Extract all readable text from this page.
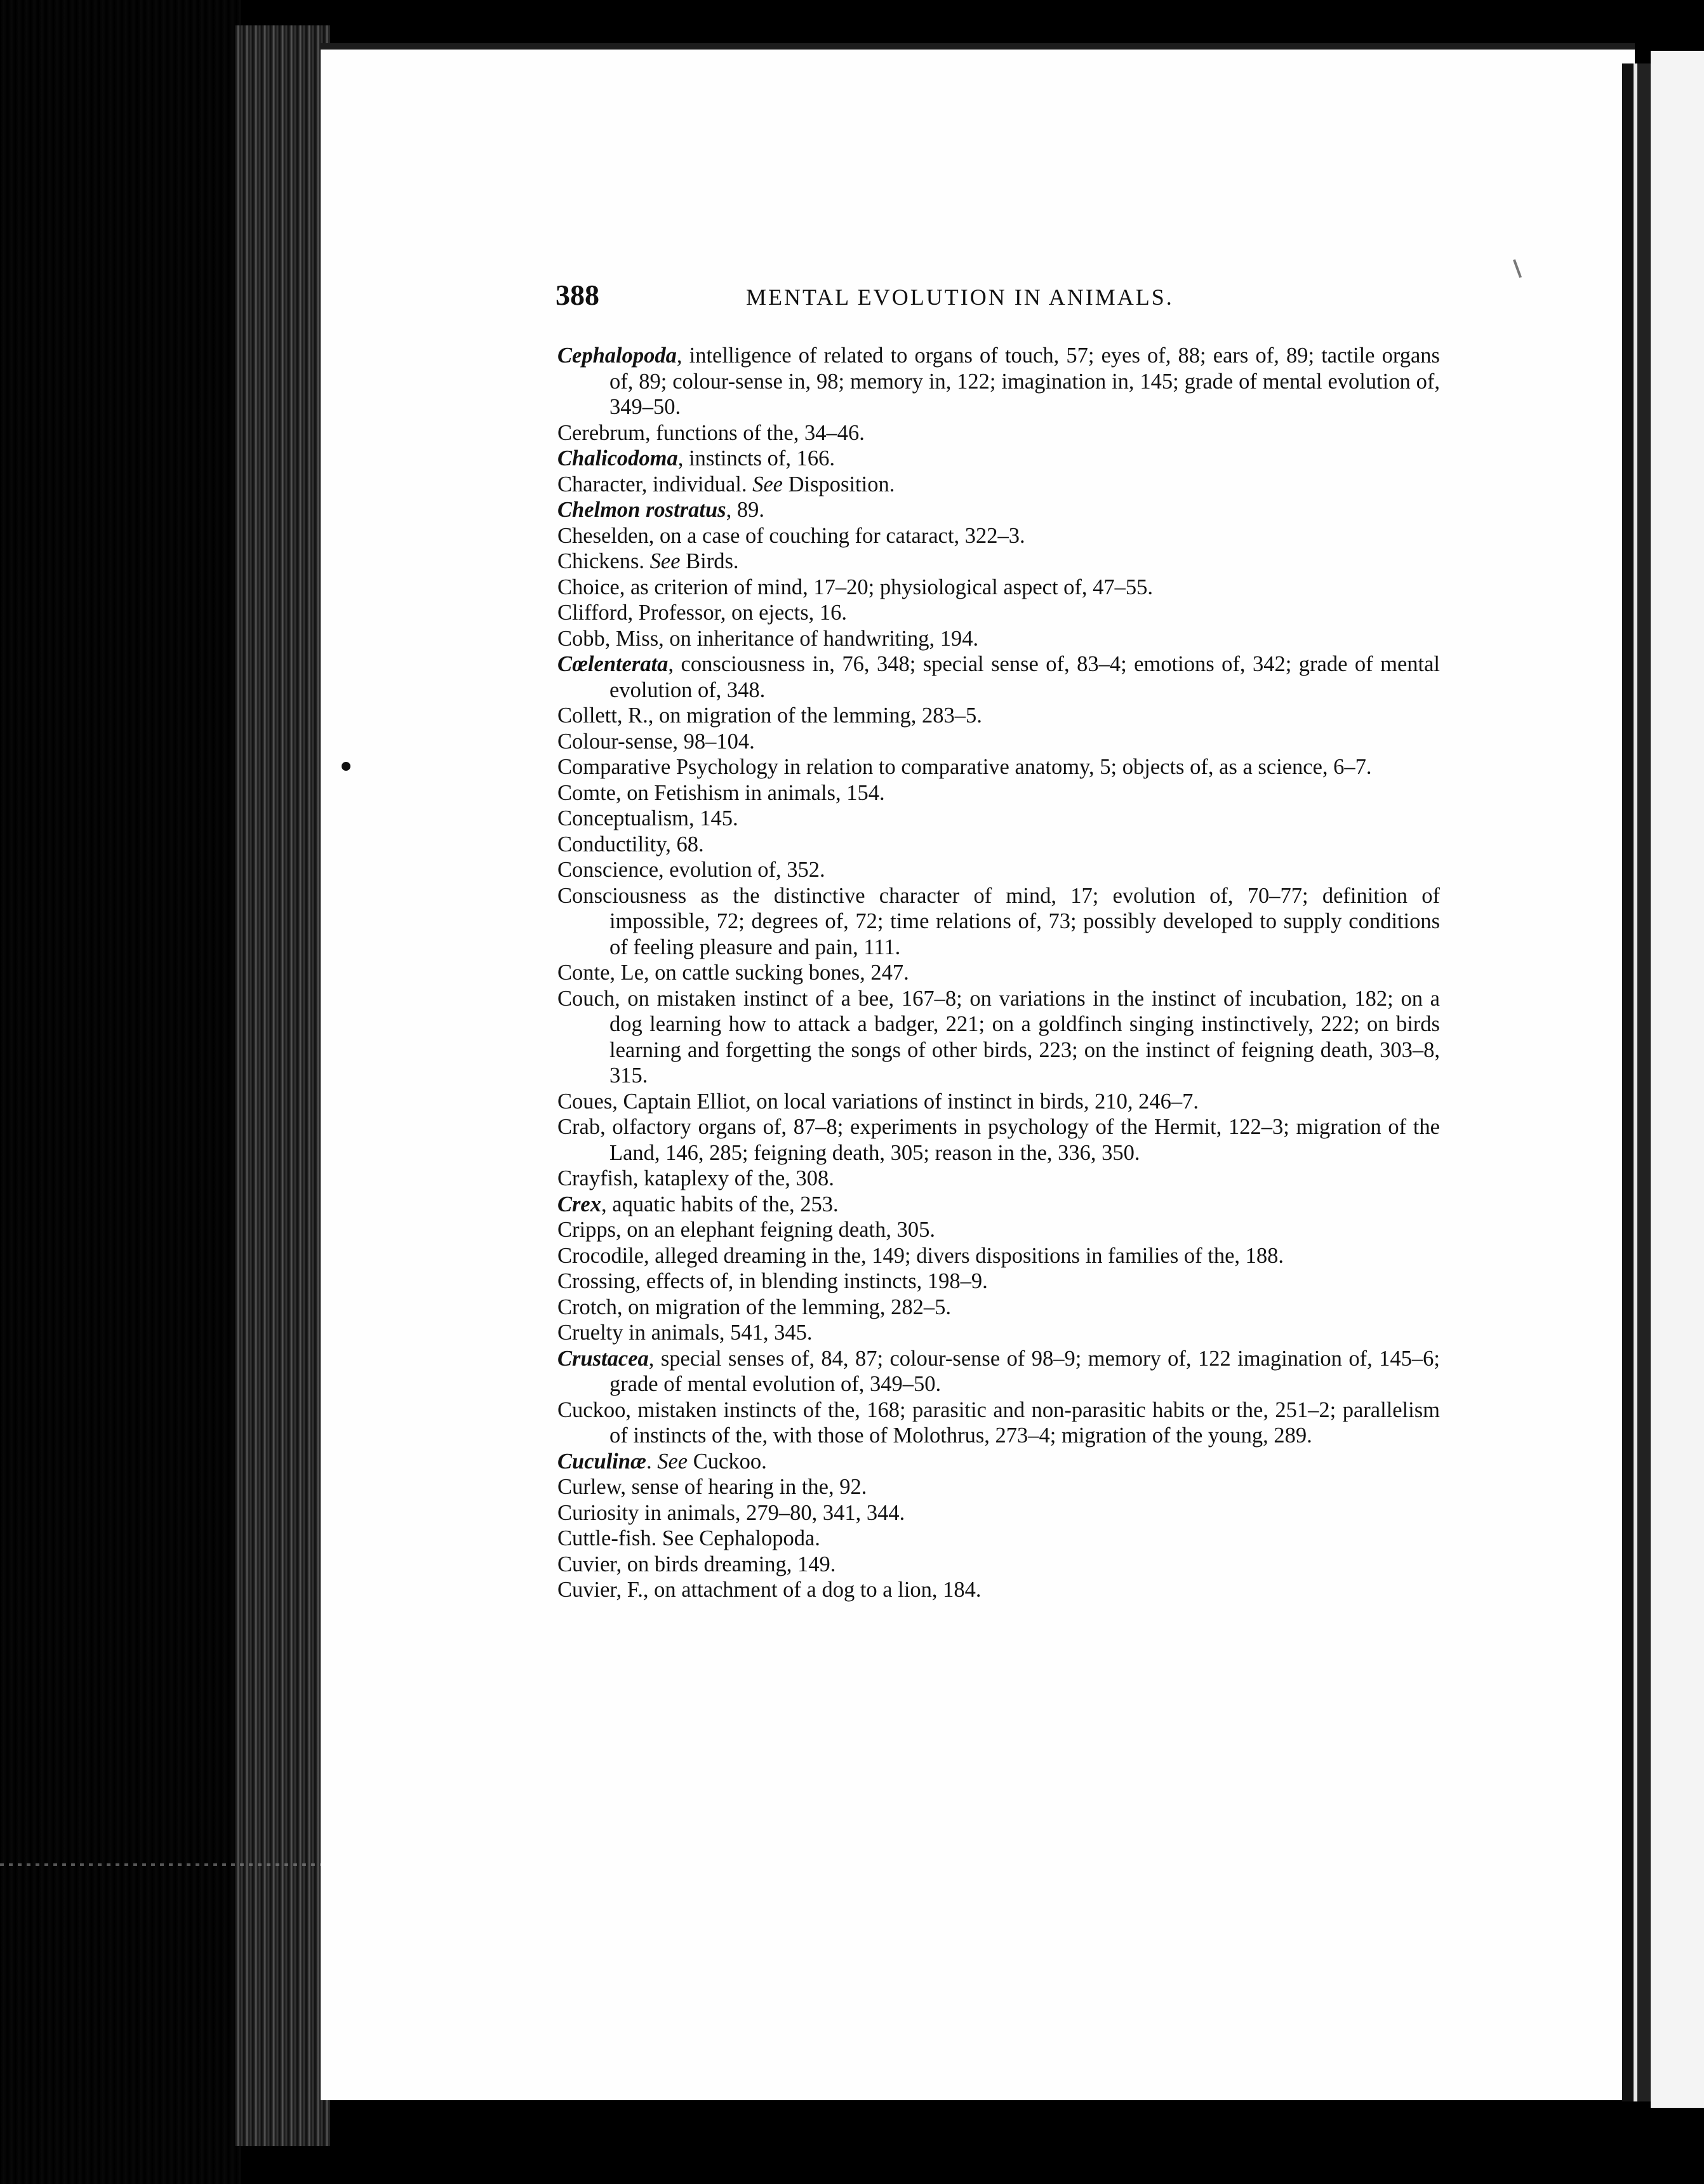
388	MENTAL EVOLUTION IN ANIMALS.
Cephalopoda, intelligence of related to organs of touch, 57; eyes of, 88; ears of, 89; tactile organs of, 89; colour-sense in, 98; memory in, 122; imagination in, 145; grade of mental evolution of, 349–50.
Cerebrum, functions of the, 34–46.
Chalicodoma, instincts of, 166.
Character, individual. See Disposition.
Chelmon rostratus, 89.
Cheselden, on a case of couching for cataract, 322–3.
Chickens. See Birds.
Choice, as criterion of mind, 17–20; physiological aspect of, 47–55.
Clifford, Professor, on ejects, 16.
Cobb, Miss, on inheritance of handwriting, 194.
Cœlenterata, consciousness in, 76, 348; special sense of, 83–4; emotions of, 342; grade of mental evolution of, 348.
Collett, R., on migration of the lemming, 283–5.
Colour-sense, 98–104.
Comparative Psychology in relation to comparative anatomy, 5; objects of, as a science, 6–7.
Comte, on Fetishism in animals, 154.
Conceptualism, 145.
Conductility, 68.
Conscience, evolution of, 352.
Consciousness as the distinctive character of mind, 17; evolution of, 70–77; definition of impossible, 72; degrees of, 72; time relations of, 73; possibly developed to supply conditions of feeling pleasure and pain, 111.
Conte, Le, on cattle sucking bones, 247.
Couch, on mistaken instinct of a bee, 167–8; on variations in the instinct of incubation, 182; on a dog learning how to attack a badger, 221; on a goldfinch singing instinctively, 222; on birds learning and forgetting the songs of other birds, 223; on the instinct of feigning death, 303–8, 315.
Coues, Captain Elliot, on local variations of instinct in birds, 210, 246–7.
Crab, olfactory organs of, 87–8; experiments in psychology of the Hermit, 122–3; migration of the Land, 146, 285; feigning death, 305; reason in the, 336, 350.
Crayfish, kataplexy of the, 308.
Crex, aquatic habits of the, 253.
Cripps, on an elephant feigning death, 305.
Crocodile, alleged dreaming in the, 149; divers dispositions in families of the, 188.
Crossing, effects of, in blending instincts, 198–9.
Crotch, on migration of the lemming, 282–5.
Cruelty in animals, 541, 345.
Crustacea, special senses of, 84, 87; colour-sense of 98–9; memory of, 122 imagination of, 145–6; grade of mental evolution of, 349–50.
Cuckoo, mistaken instincts of the, 168; parasitic and non-parasitic habits or the, 251–2; parallelism of instincts of the, with those of Molothrus, 273–4; migration of the young, 289.
Cuculinæ. See Cuckoo.
Curlew, sense of hearing in the, 92.
Curiosity in animals, 279–80, 341, 344.
Cuttle-fish. See Cephalopoda.
Cuvier, on birds dreaming, 149.
Cuvier, F., on attachment of a dog to a lion, 184.
